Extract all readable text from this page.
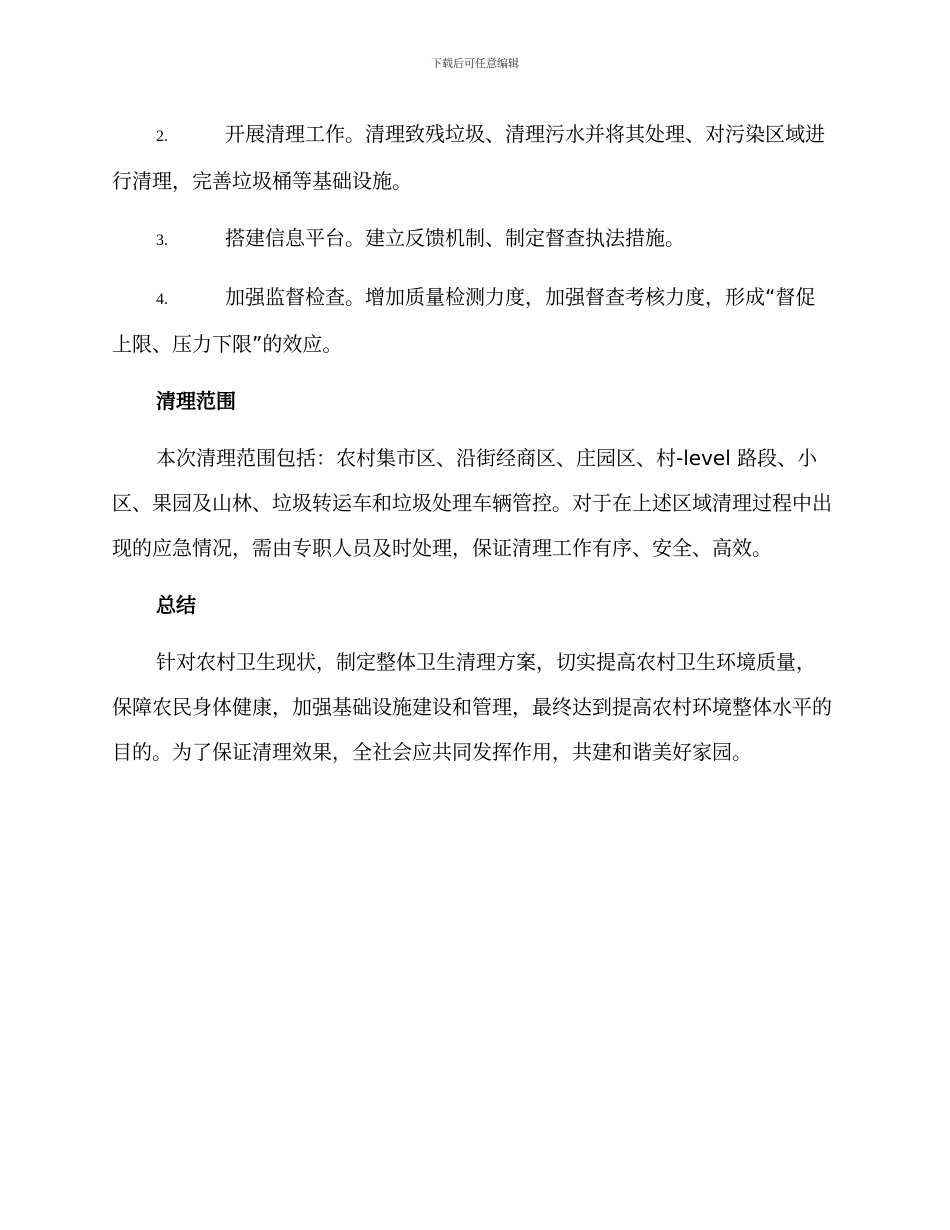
下载后可任意编辑
2.	开展清理工作。清理致残垃圾、清理污水并将其处理、对污染区域进行清理，完善垃圾桶等基础设施。
3.	搭建信息平台。建立反馈机制、制定督查执法措施。
4.	加强监督检查。增加质量检测力度，加强督查考核力度，形成“督促上限、压力下限”的效应。
清理范围
本次清理范围包括：农村集市区、沿街经商区、庄园区、村-level 路段、小区、果园及山林、垃圾转运车和垃圾处理车辆管控。对于在上述区域清理过程中出现的应急情况，需由专职人员及时处理，保证清理工作有序、安全、高效。
总结
针对农村卫生现状，制定整体卫生清理方案，切实提高农村卫生环境质量，保障农民身体健康，加强基础设施建设和管理，最终达到提高农村环境整体水平的目的。为了保证清理效果，全社会应共同发挥作用，共建和谐美好家园。
